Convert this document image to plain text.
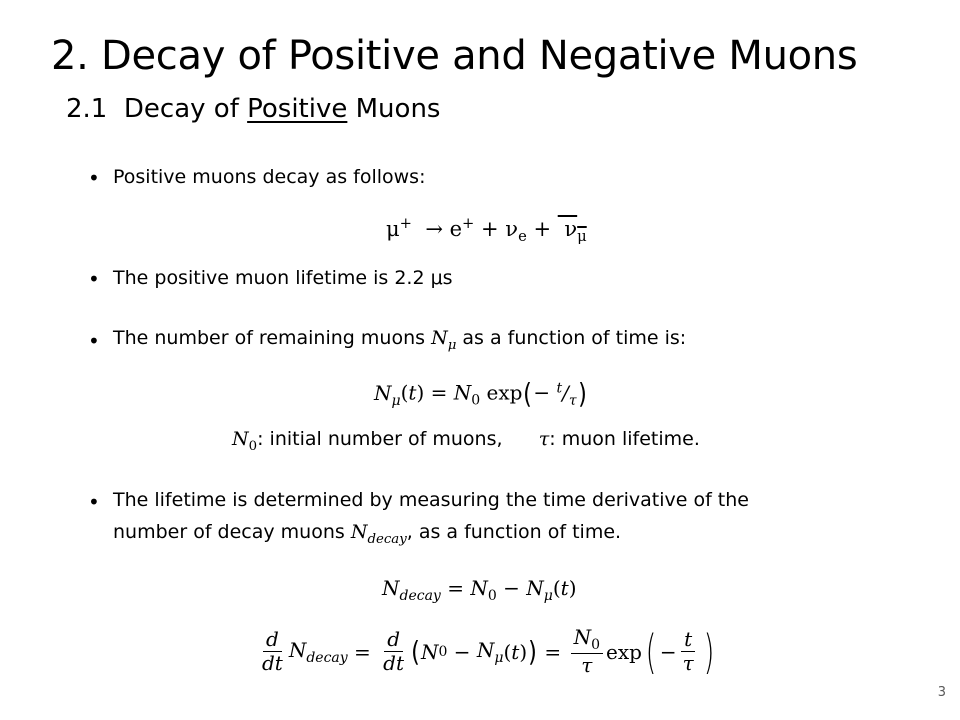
2. Decay of Positive and Negative Muons
2.1 Decay of Positive Muons
• Positive muons decay as follows:
$\mu^+ \to e^+ + \nu_e + \nu_\mu$
• The positive muon lifetime is 2.2 μs
• The number of remaining muons $N_\mu$ as a function of time is:
$N_\mu(t) = N_0$ $\exp(- ^t/_\tau)$
$N_0$: initial number of muons, τ: muon lifetime.
• The lifetime is determined by measuring the time derivative of the
number of decay muons $N_{decay}$, as a function of time.
$N_{decay} = N_0 - N_\mu(t)$
$\frac{d}{dt} N_{decay} = \frac{d}{dt}$ ( N $0 - N_\mu$ ( t ) ) = $\frac{N_0}{\tau}$ exp ( − $\frac{t}{\tau}$ )
3
